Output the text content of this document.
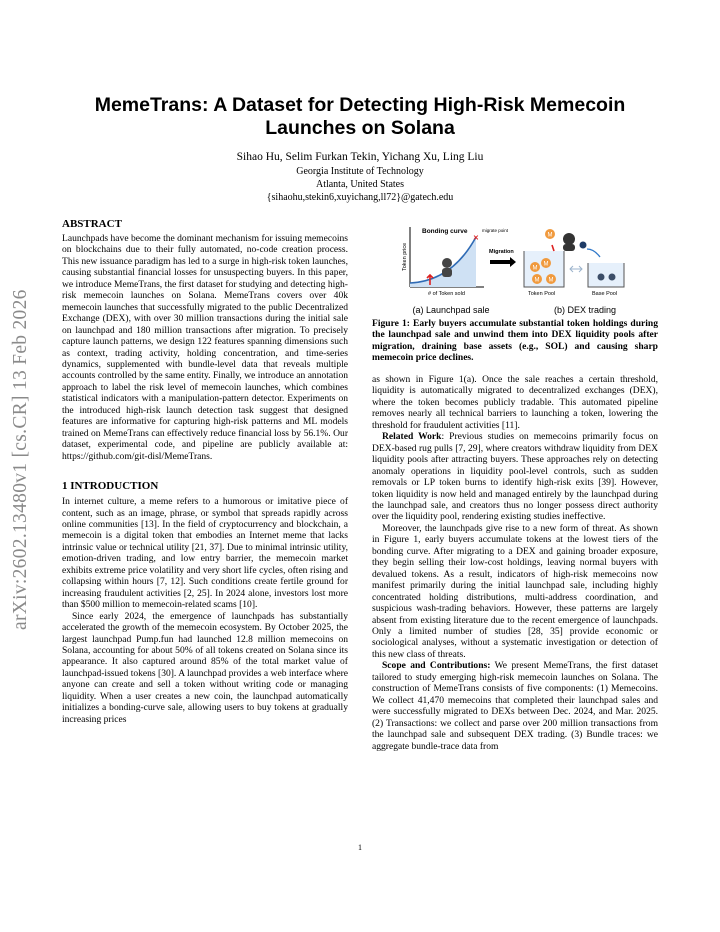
arXiv:2602.13480v1 [cs.CR] 13 Feb 2026
MemeTrans: A Dataset for Detecting High-Risk Memecoin Launches on Solana
Sihao Hu, Selim Furkan Tekin, Yichang Xu, Ling Liu
Georgia Institute of Technology
Atlanta, United States
{sihaohu,stekin6,xuyichang,ll72}@gatech.edu
ABSTRACT

Launchpads have become the dominant mechanism for issuing memecoins on blockchains due to their fully automated, no-code creation process. This new issuance paradigm has led to a surge in high-risk token launches, causing substantial financial losses for unsuspecting buyers. In this paper, we introduce MemeTrans, the first dataset for studying and detecting high-risk memecoin launches on Solana. MemeTrans covers over 40k memecoin launches that successfully migrated to the public Decentralized Exchange (DEX), with over 30 million transactions during the initial sale on launchpad and 180 million transactions after migration. To precisely capture launch patterns, we design 122 features spanning dimensions such as context, trading activity, holding concentration, and time-series dynamics, supplemented with bundle-level data that reveals multiple accounts controlled by the same entity. Finally, we introduce an annotation approach to label the risk level of memecoin launches, which combines statistical indicators with a manipulation-pattern detector. Experiments on the introduced high-risk launch detection task suggest that designed features are informative for capturing high-risk patterns and ML models trained on MemeTrans can effectively reduce financial loss by 56.1%. Our dataset, experimental code, and pipeline are publicly available at: https://github.com/git-disl/MemeTrans.

1 INTRODUCTION

In internet culture, a meme refers to a humorous or imitative piece of content, such as an image, phrase, or symbol that spreads rapidly across online communities [13]. In the field of cryptocurrency and blockchain, a memecoin is a digital token that embodies an Internet meme that lacks intrinsic value or technical utility [21, 37]. Due to minimal intrinsic utility, emotion-driven trading, and low entry barrier, the memecoin market exhibits extreme price volatility and very short life cycles, often rising and collapsing within hours [7, 12]. Such conditions create fertile ground for increasing fraudulent activities [2, 25]. In 2024 alone, investors lost more than $500 million to memecoin-related scams [10].

Since early 2024, the emergence of launchpads has substantially accelerated the growth of the memecoin ecosystem. By October 2025, the largest launchpad Pump.fun had launched 12.8 million memecoins on Solana, accounting for about 50% of all tokens created on Solana since its appearance. It also captured around 85% of the total market value of launchpad-issued tokens [30]. A launchpad provides a web interface where anyone can create and sell a token without writing code or managing liquidity. When a user creates a new coin, the launchpad automatically initializes a bonding-curve sale, allowing users to buy tokens at gradually increasing prices

Bonding curve	migrate point
✕
Token price
# of Token sold
Migration
M
M
M M
M
Token Pool	Base Pool
(a) Launchpad sale	(b) DEX trading
Figure 1: Early buyers accumulate substantial token holdings during the launchpad sale and unwind them into DEX liquidity pools after migration, draining base assets (e.g., SOL) and causing sharp memecoin price declines.

as shown in Figure 1(a). Once the sale reaches a certain threshold, liquidity is automatically migrated to decentralized exchanges (DEX), where the token becomes publicly tradable. This automated pipeline removes nearly all technical barriers to launching a token, lowering the threshold for fraudulent activities [11].

Related Work: Previous studies on memecoins primarily focus on DEX-based rug pulls [7, 29], where creators withdraw liquidity from DEX liquidity pools after attracting buyers. These approaches rely on detecting anomaly operations in liquidity pool-level controls, such as sudden removals or LP token burns to identify high-risk exits [39]. However, token liquidity is now held and managed entirely by the launchpad during the launchpad sale, and creators thus no longer possess direct authority over the liquidity pool, rendering existing studies ineffective.

Moreover, the launchpads give rise to a new form of threat. As shown in Figure 1, early buyers accumulate tokens at the lowest tiers of the bonding curve. After migrating to a DEX and gaining broader exposure, they begin selling their low-cost holdings, leaving normal buyers with devalued tokens. As a result, indicators of high-risk memecoins now manifest primarily during the initial launchpad sale, including highly concentrated holding distributions, multi-address coordination, and suspicious wash-trading behaviors. However, these patterns are largely absent from existing literature due to the recent emergence of launchpads. Only a limited number of studies [28, 35] provide economic or sociological analyses, without a systematic investigation or detection of this new class of threats.

Scope and Contributions: We present MemeTrans, the first dataset tailored to study emerging high-risk memecoin launches on Solana. The construction of MemeTrans consists of five components: (1) Memecoins. We collect 41,470 memecoins that completed their launchpad sales and were successfully migrated to DEXs between Dec. 2024, and Mar. 2025. (2) Transactions: we collect and parse over 200 million transactions from the launchpad sale and subsequent DEX trading. (3) Bundle traces: we aggregate bundle-trace data from

1
